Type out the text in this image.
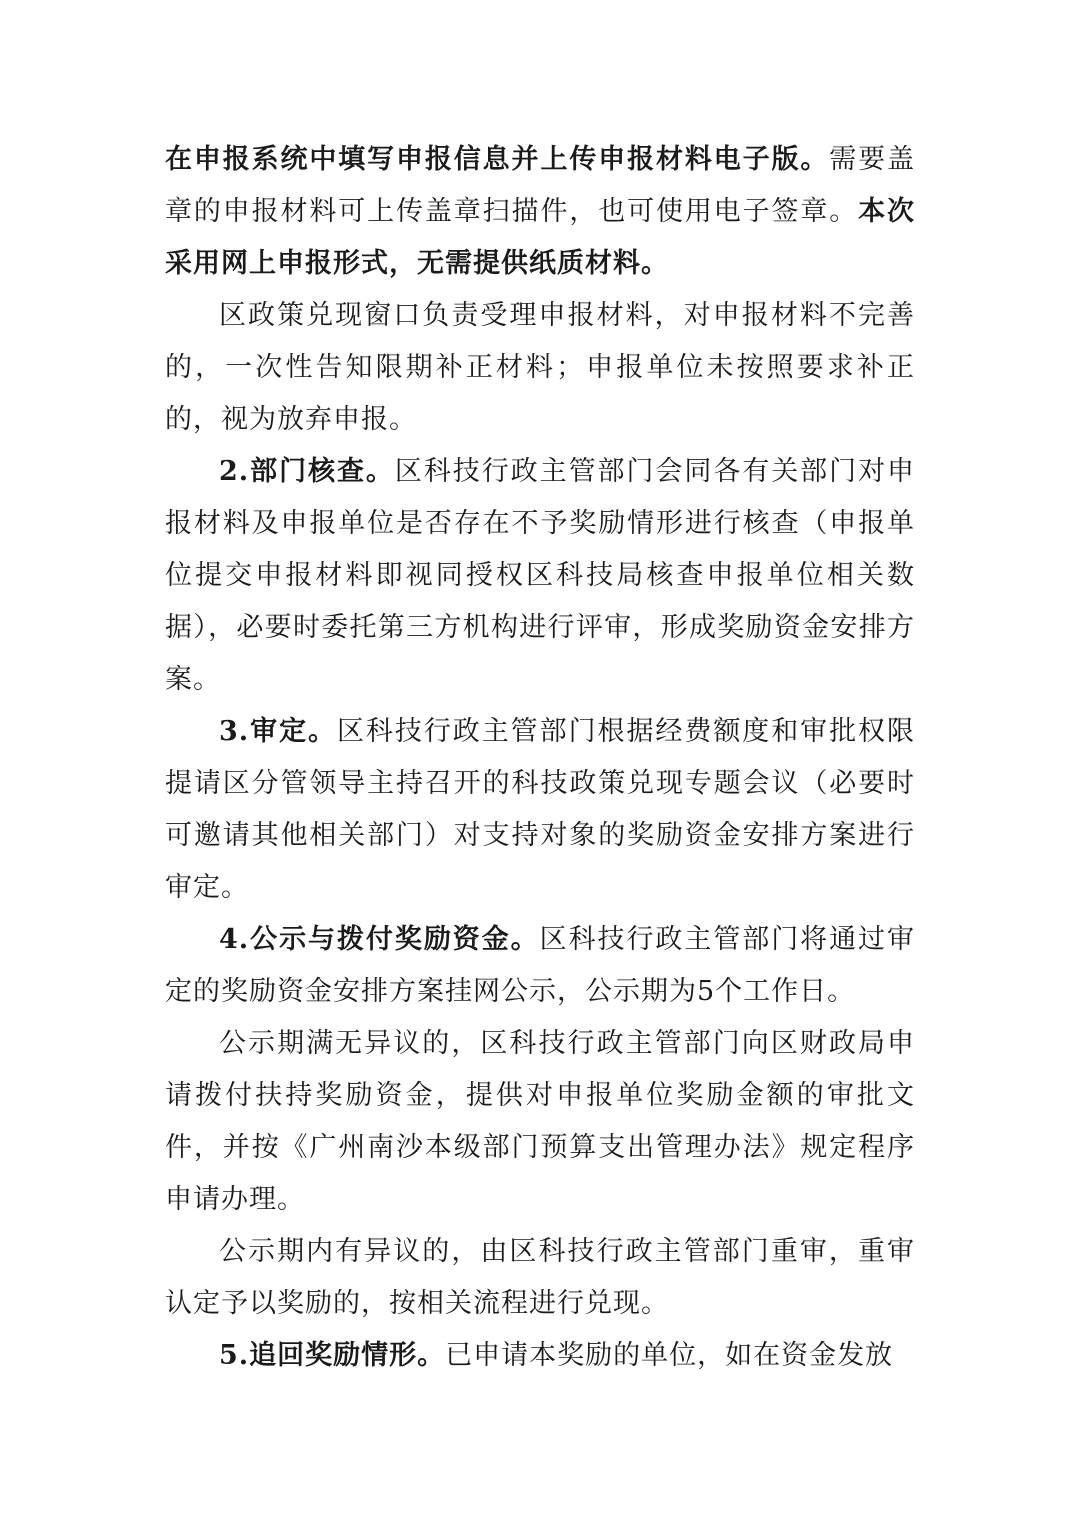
在申报系统中填写申报信息并上传申报材料电子版。需要盖章的申报材料可上传盖章扫描件，也可使用电子签章。本次采用网上申报形式，无需提供纸质材料。

区政策兑现窗口负责受理申报材料，对申报材料不完善的，一次性告知限期补正材料；申报单位未按照要求补正的，视为放弃申报。

2.部门核查。区科技行政主管部门会同各有关部门对申报材料及申报单位是否存在不予奖励情形进行核查（申报单位提交申报材料即视同授权区科技局核查申报单位相关数据），必要时委托第三方机构进行评审，形成奖励资金安排方案。

3.审定。区科技行政主管部门根据经费额度和审批权限提请区分管领导主持召开的科技政策兑现专题会议（必要时可邀请其他相关部门）对支持对象的奖励资金安排方案进行审定。

4.公示与拨付奖励资金。区科技行政主管部门将通过审定的奖励资金安排方案挂网公示，公示期为5个工作日。

公示期满无异议的，区科技行政主管部门向区财政局申请拨付扶持奖励资金，提供对申报单位奖励金额的审批文件，并按《广州南沙本级部门预算支出管理办法》规定程序申请办理。

公示期内有异议的，由区科技行政主管部门重审，重审认定予以奖励的，按相关流程进行兑现。

5.追回奖励情形。已申请本奖励的单位，如在资金发放
